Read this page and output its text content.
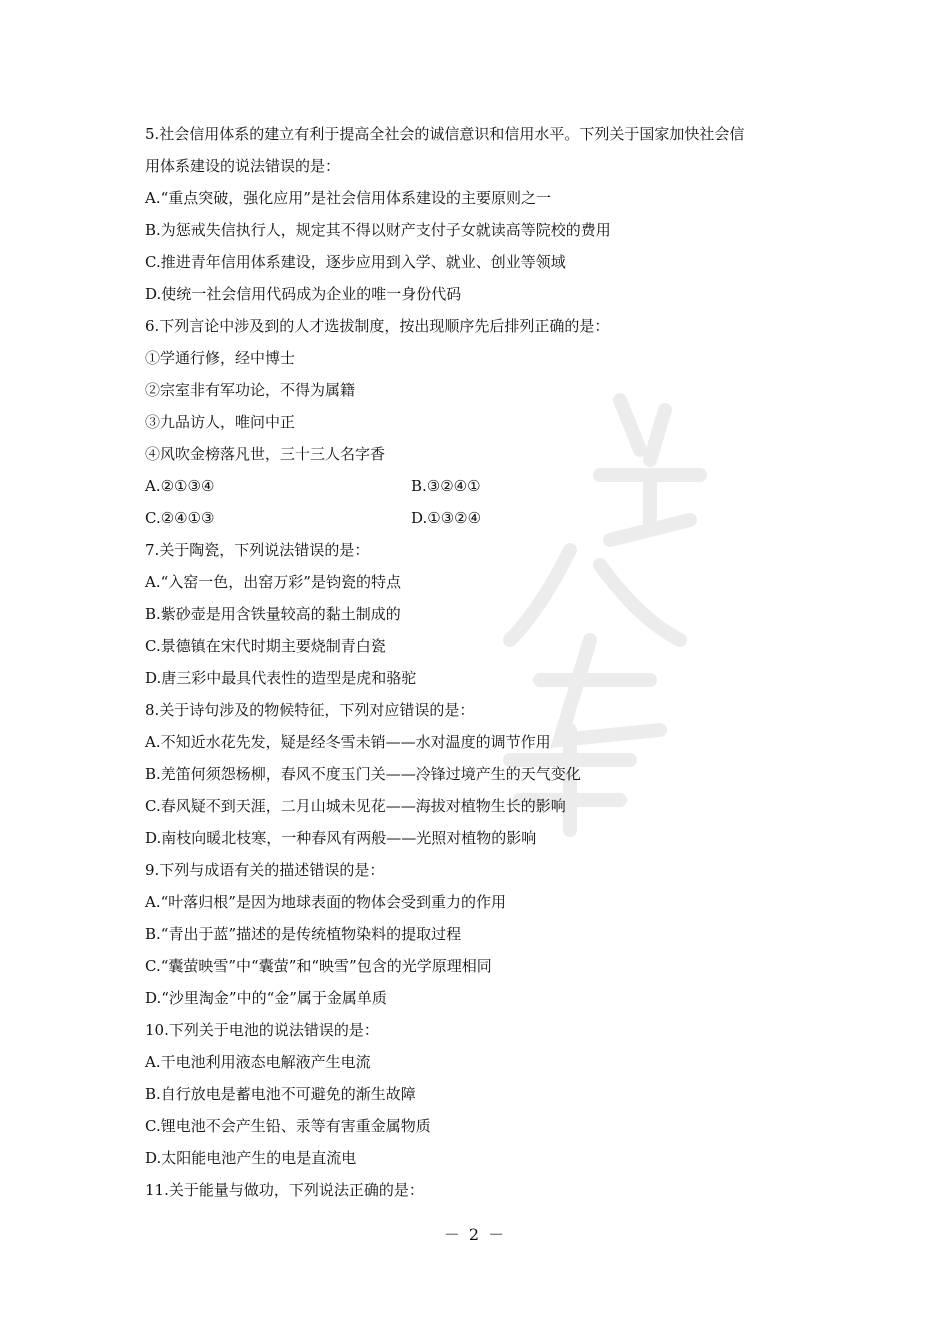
5.社会信用体系的建立有利于提高全社会的诚信意识和信用水平。下列关于国家加快社会信
用体系建设的说法错误的是：
A.“重点突破，强化应用”是社会信用体系建设的主要原则之一
B.为惩戒失信执行人，规定其不得以财产支付子女就读高等院校的费用
C.推进青年信用体系建设，逐步应用到入学、就业、创业等领域
D.使统一社会信用代码成为企业的唯一身份代码
6.下列言论中涉及到的人才选拔制度，按出现顺序先后排列正确的是：
①学通行修，经中博士
②宗室非有军功论，不得为属籍
③九品访人，唯问中正
④风吹金榜落凡世，三十三人名字香
A.②①③④	B.③②④①
C.②④①③	D.①③②④
7.关于陶瓷，下列说法错误的是：
A.“入窑一色，出窑万彩”是钧瓷的特点
B.紫砂壶是用含铁量较高的黏土制成的
C.景德镇在宋代时期主要烧制青白瓷
D.唐三彩中最具代表性的造型是虎和骆驼
8.关于诗句涉及的物候特征，下列对应错误的是：
A.不知近水花先发，疑是经冬雪未销——水对温度的调节作用
B.羌笛何须怨杨柳，春风不度玉门关——冷锋过境产生的天气变化
C.春风疑不到天涯，二月山城未见花——海拔对植物生长的影响
D.南枝向暖北枝寒，一种春风有两般——光照对植物的影响
9.下列与成语有关的描述错误的是：
A.“叶落归根”是因为地球表面的物体会受到重力的作用
B.“青出于蓝”描述的是传统植物染料的提取过程
C.“囊萤映雪”中“囊萤”和“映雪”包含的光学原理相同
D.“沙里淘金”中的“金”属于金属单质
10.下列关于电池的说法错误的是：
A.干电池利用液态电解液产生电流
B.自行放电是蓄电池不可避免的渐生故障
C.锂电池不会产生铅、汞等有害重金属物质
D.太阳能电池产生的电是直流电
11.关于能量与做功，下列说法正确的是：
－ 2 －
